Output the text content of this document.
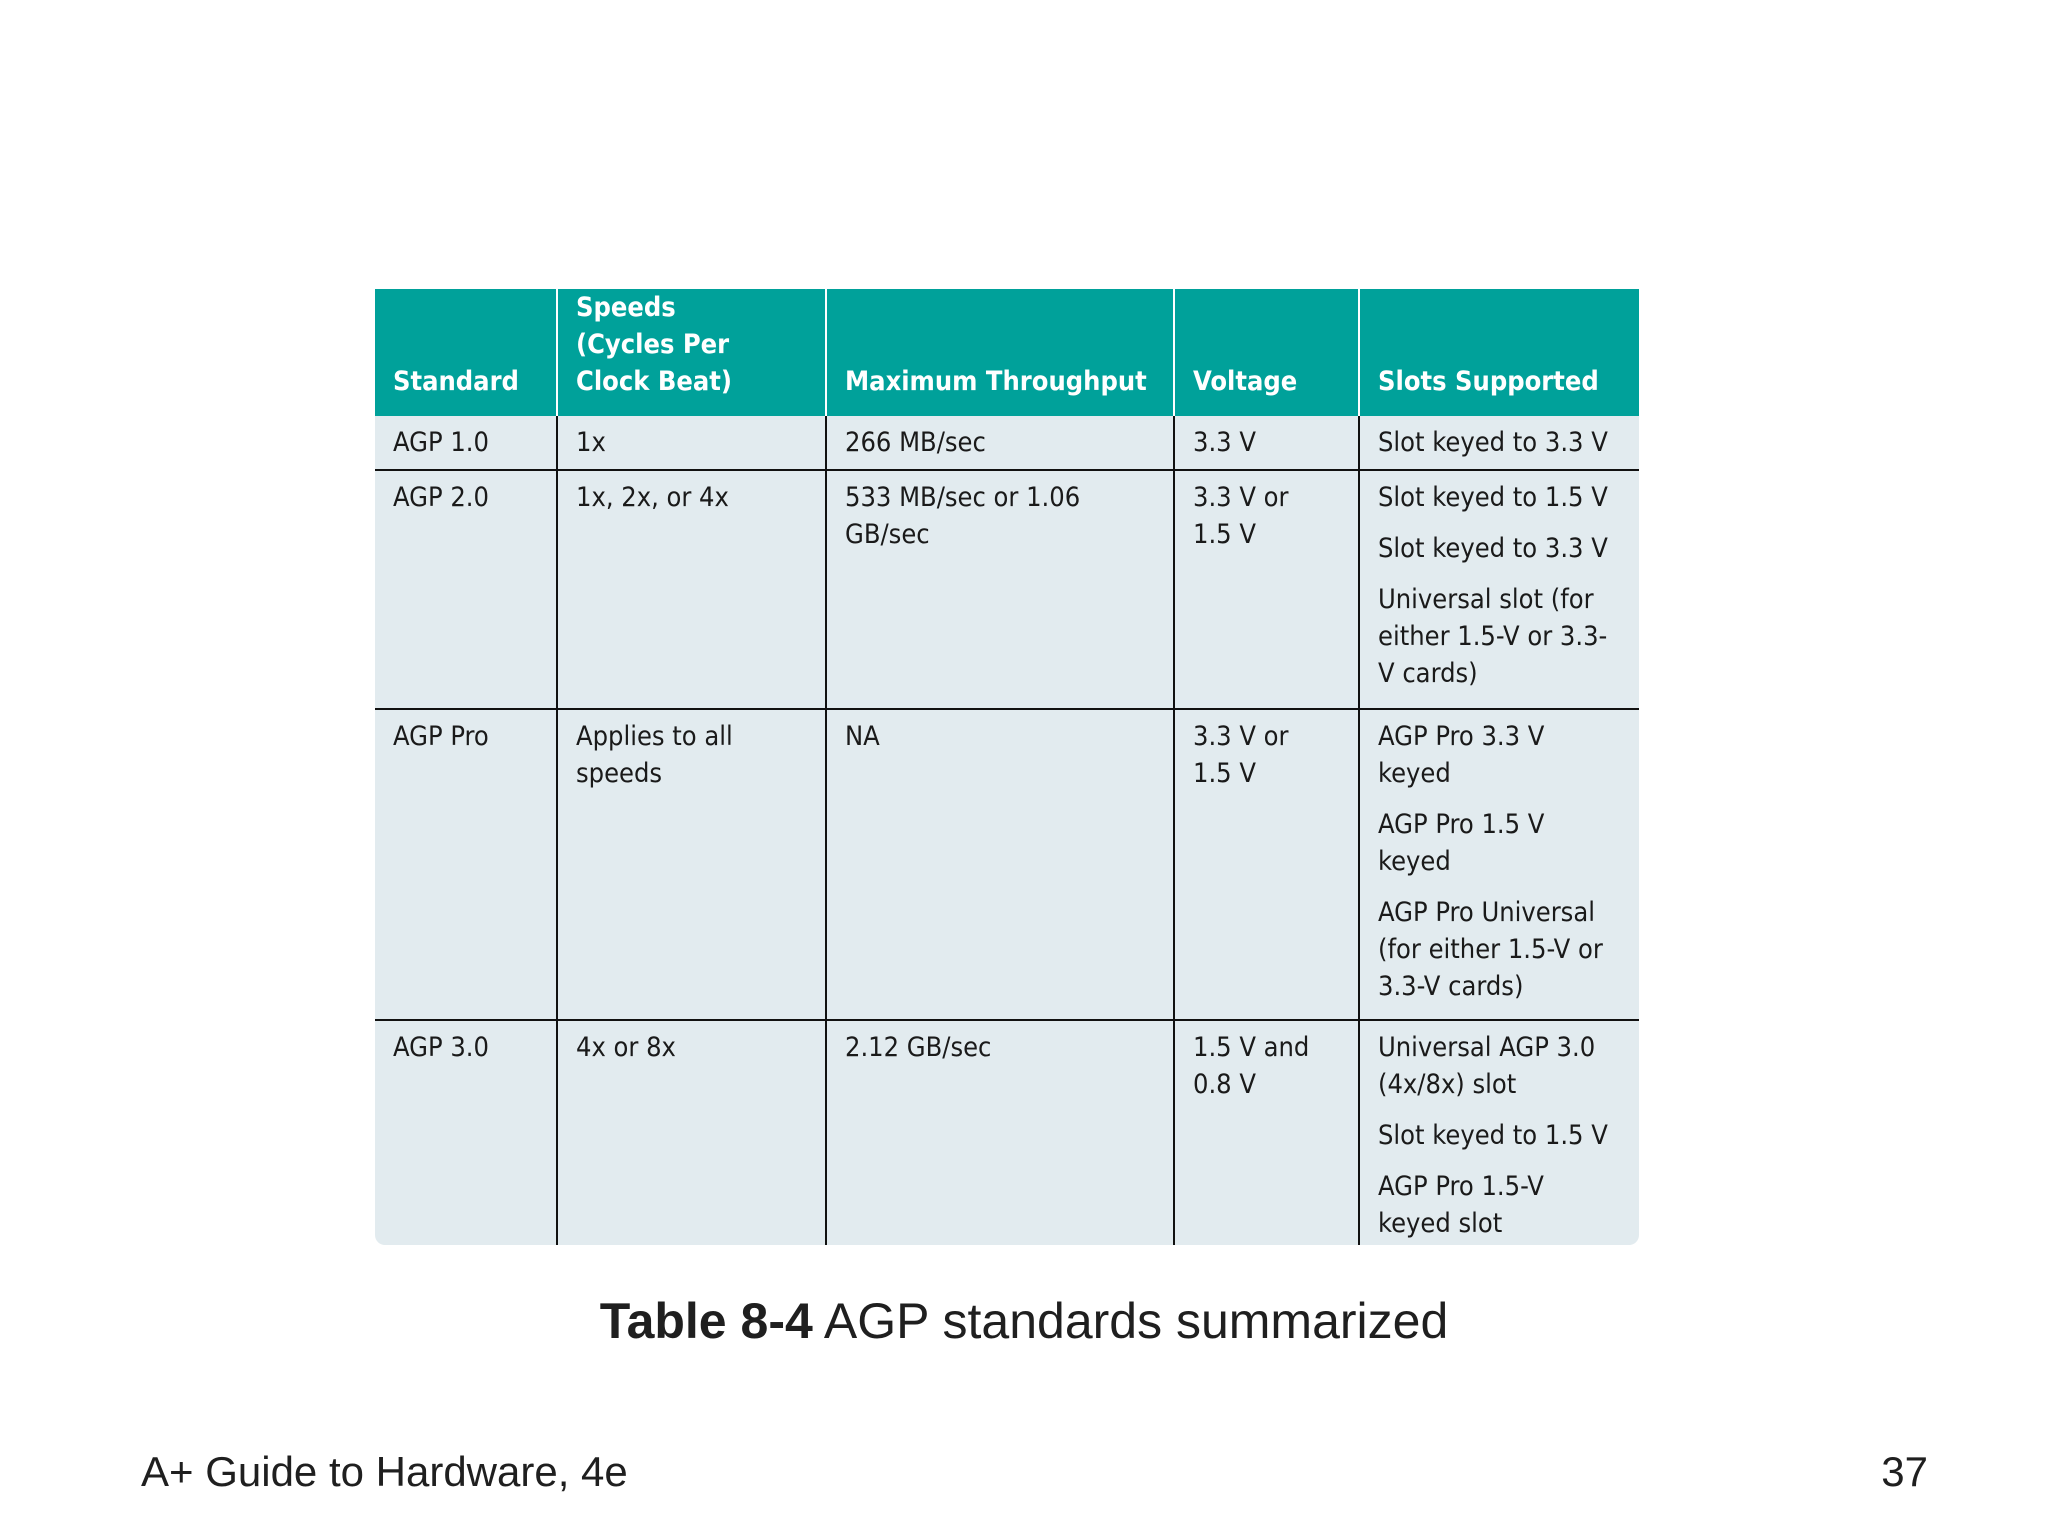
Standard	Speeds (Cycles Per Clock Beat)	Maximum Throughput	Voltage	Slots Supported
AGP 1.0	1x	266 MB/sec	3.3 V	Slot keyed to 3.3 V

AGP 2.0	1x, 2x, or 4x	533 MB/sec or 1.06 GB/sec	3.3 V or 1.5 V	Slot keyed to 1.5 V
Slot keyed to 3.3 V
Universal slot (for either 1.5-V or 3.3-V cards)

AGP Pro	Applies to all speeds	NA	3.3 V or 1.5 V	AGP Pro 3.3 V keyed
AGP Pro 1.5 V keyed
AGP Pro Universal (for either 1.5-V or 3.3-V cards)

AGP 3.0	4x or 8x	2.12 GB/sec	1.5 V and 0.8 V	Universal AGP 3.0 (4x/8x) slot
Slot keyed to 1.5 V
AGP Pro 1.5-V keyed slot
Table 8-4 AGP standards summarized
A+ Guide to Hardware, 4e	37
